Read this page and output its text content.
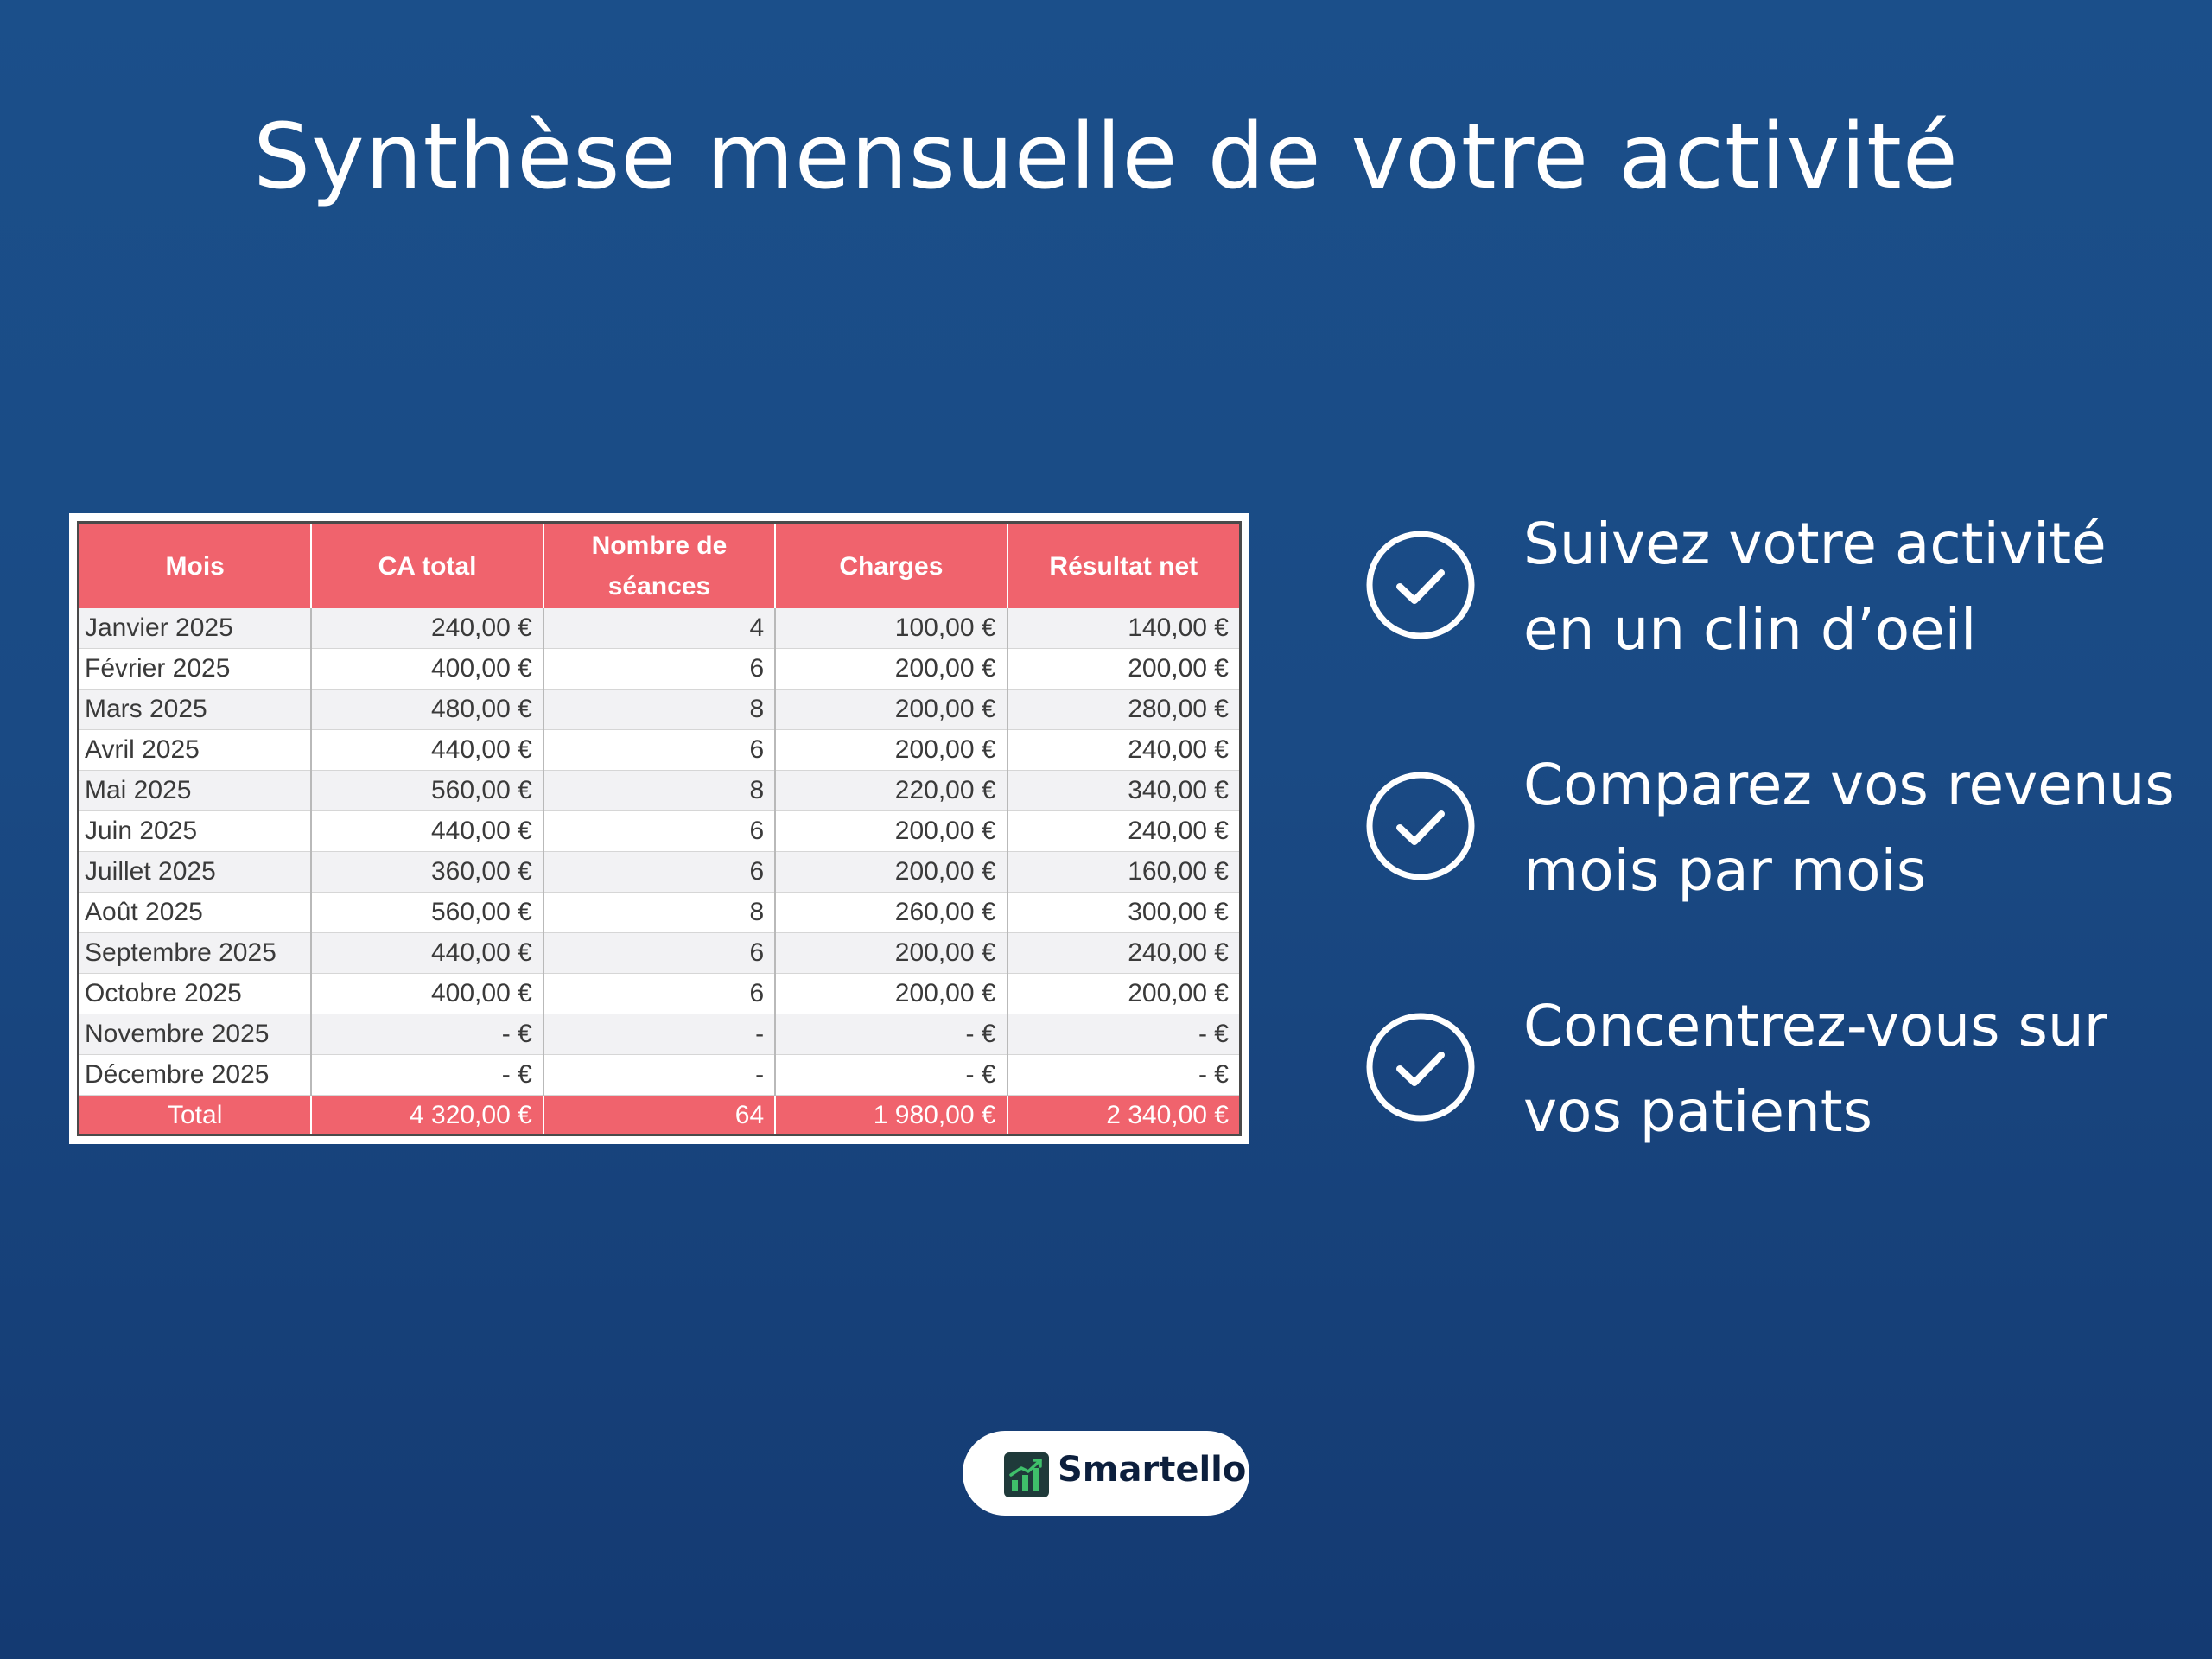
Synthèse mensuelle de votre activité
Mois	CA total	Nombre de séances	Charges	Résultat net
Janvier 2025	240,00 €	4	100,00 €	140,00 €
Février 2025	400,00 €	6	200,00 €	200,00 €
Mars 2025	480,00 €	8	200,00 €	280,00 €
Avril 2025	440,00 €	6	200,00 €	240,00 €
Mai 2025	560,00 €	8	220,00 €	340,00 €
Juin 2025	440,00 €	6	200,00 €	240,00 €
Juillet 2025	360,00 €	6	200,00 €	160,00 €
Août 2025	560,00 €	8	260,00 €	300,00 €
Septembre 2025	440,00 €	6	200,00 €	240,00 €
Octobre 2025	400,00 €	6	200,00 €	200,00 €
Novembre 2025	- €	-	- €	- €
Décembre 2025	- €	-	- €	- €
Total	4 320,00 €	64	1 980,00 €	2 340,00 €
Suivez votre activité
en un clin d’oeil
Comparez vos revenus
mois par mois
Concentrez-vous sur
vos patients
Smartello
